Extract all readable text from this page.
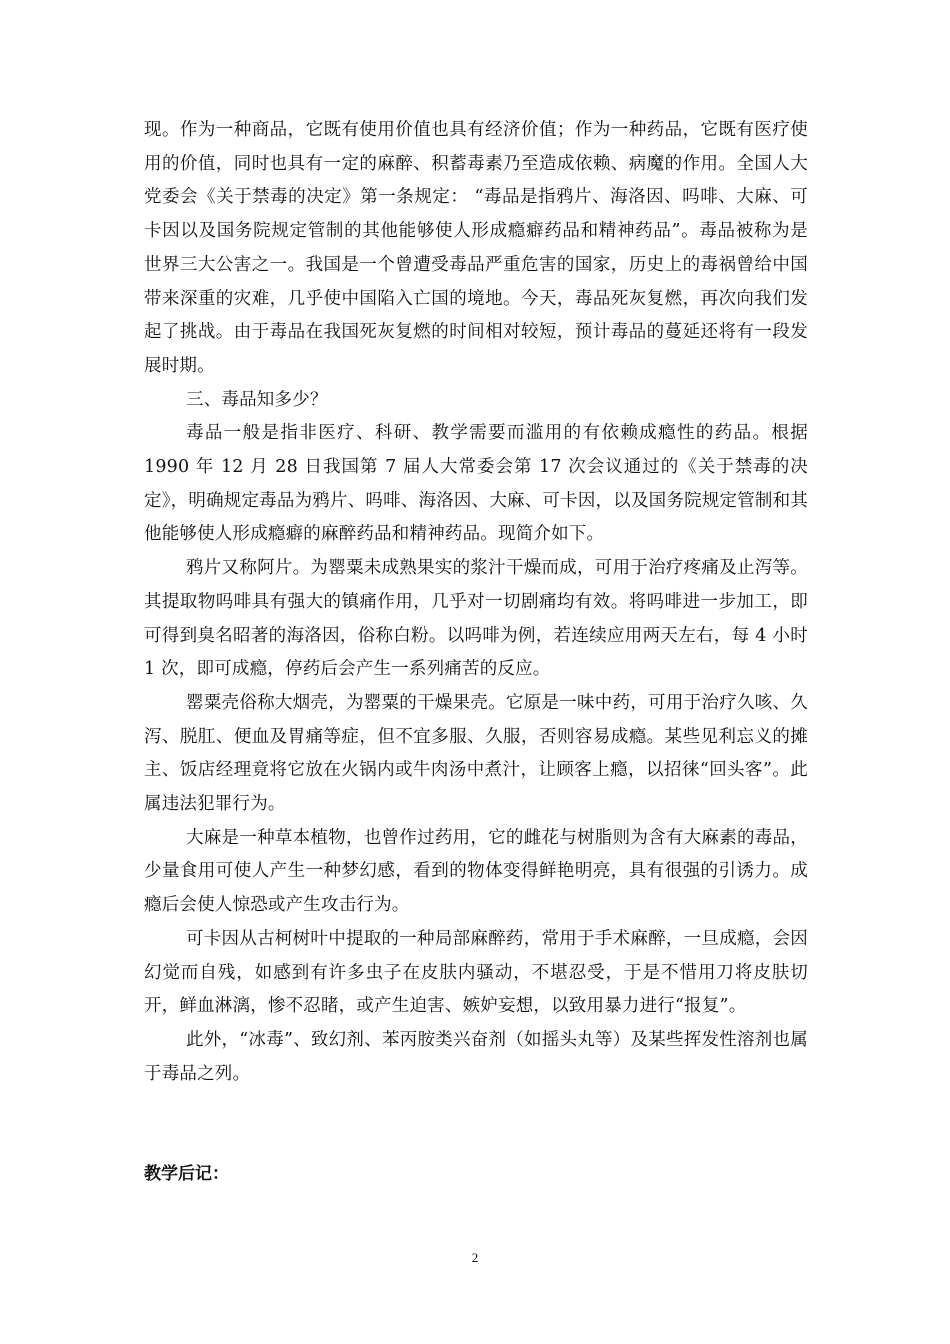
现。作为一种商品，它既有使用价值也具有经济价值；作为一种药品，它既有医疗使用的价值，同时也具有一定的麻醉、积蓄毒素乃至造成依赖、病魔的作用。全国人大党委会《关于禁毒的决定》第一条规定： “毒品是指鸦片、海洛因、吗啡、大麻、可卡因以及国务院规定管制的其他能够使人形成瘾癖药品和精神药品”。毒品被称为是世界三大公害之一。我国是一个曾遭受毒品严重危害的国家，历史上的毒祸曾给中国带来深重的灾难，几乎使中国陷入亡国的境地。今天，毒品死灰复燃，再次向我们发起了挑战。由于毒品在我国死灰复燃的时间相对较短，预计毒品的蔓延还将有一段发展时期。

三、毒品知多少？

毒品一般是指非医疗、科研、教学需要而滥用的有依赖成瘾性的药品。根据 1990 年 12 月 28 日我国第 7 届人大常委会第 17 次会议通过的《关于禁毒的决定》，明确规定毒品为鸦片、吗啡、海洛因、大麻、可卡因，以及国务院规定管制和其他能够使人形成瘾癖的麻醉药品和精神药品。现简介如下。

鸦片又称阿片。为罂粟未成熟果实的浆汁干燥而成，可用于治疗疼痛及止泻等。其提取物吗啡具有强大的镇痛作用，几乎对一切剧痛均有效。将吗啡进一步加工，即可得到臭名昭著的海洛因，俗称白粉。以吗啡为例，若连续应用两天左右，每 4 小时 1 次，即可成瘾，停药后会产生一系列痛苦的反应。

罂粟壳俗称大烟壳，为罂粟的干燥果壳。它原是一味中药，可用于治疗久咳、久泻、脱肛、便血及胃痛等症，但不宜多服、久服，否则容易成瘾。某些见利忘义的摊主、饭店经理竟将它放在火锅内或牛肉汤中煮汁，让顾客上瘾，以招徕“回头客”。此属违法犯罪行为。

大麻是一种草本植物，也曾作过药用，它的雌花与树脂则为含有大麻素的毒品，少量食用可使人产生一种梦幻感，看到的物体变得鲜艳明亮，具有很强的引诱力。成瘾后会使人惊恐或产生攻击行为。

可卡因从古柯树叶中提取的一种局部麻醉药，常用于手术麻醉，一旦成瘾，会因幻觉而自残，如感到有许多虫子在皮肤内骚动，不堪忍受，于是不惜用刀将皮肤切开，鲜血淋漓，惨不忍睹，或产生迫害、嫉妒妄想，以致用暴力进行“报复”。

此外，“冰毒”、致幻剂、苯丙胺类兴奋剂（如摇头丸等）及某些挥发性溶剂也属于毒品之列。

教学后记：
2
